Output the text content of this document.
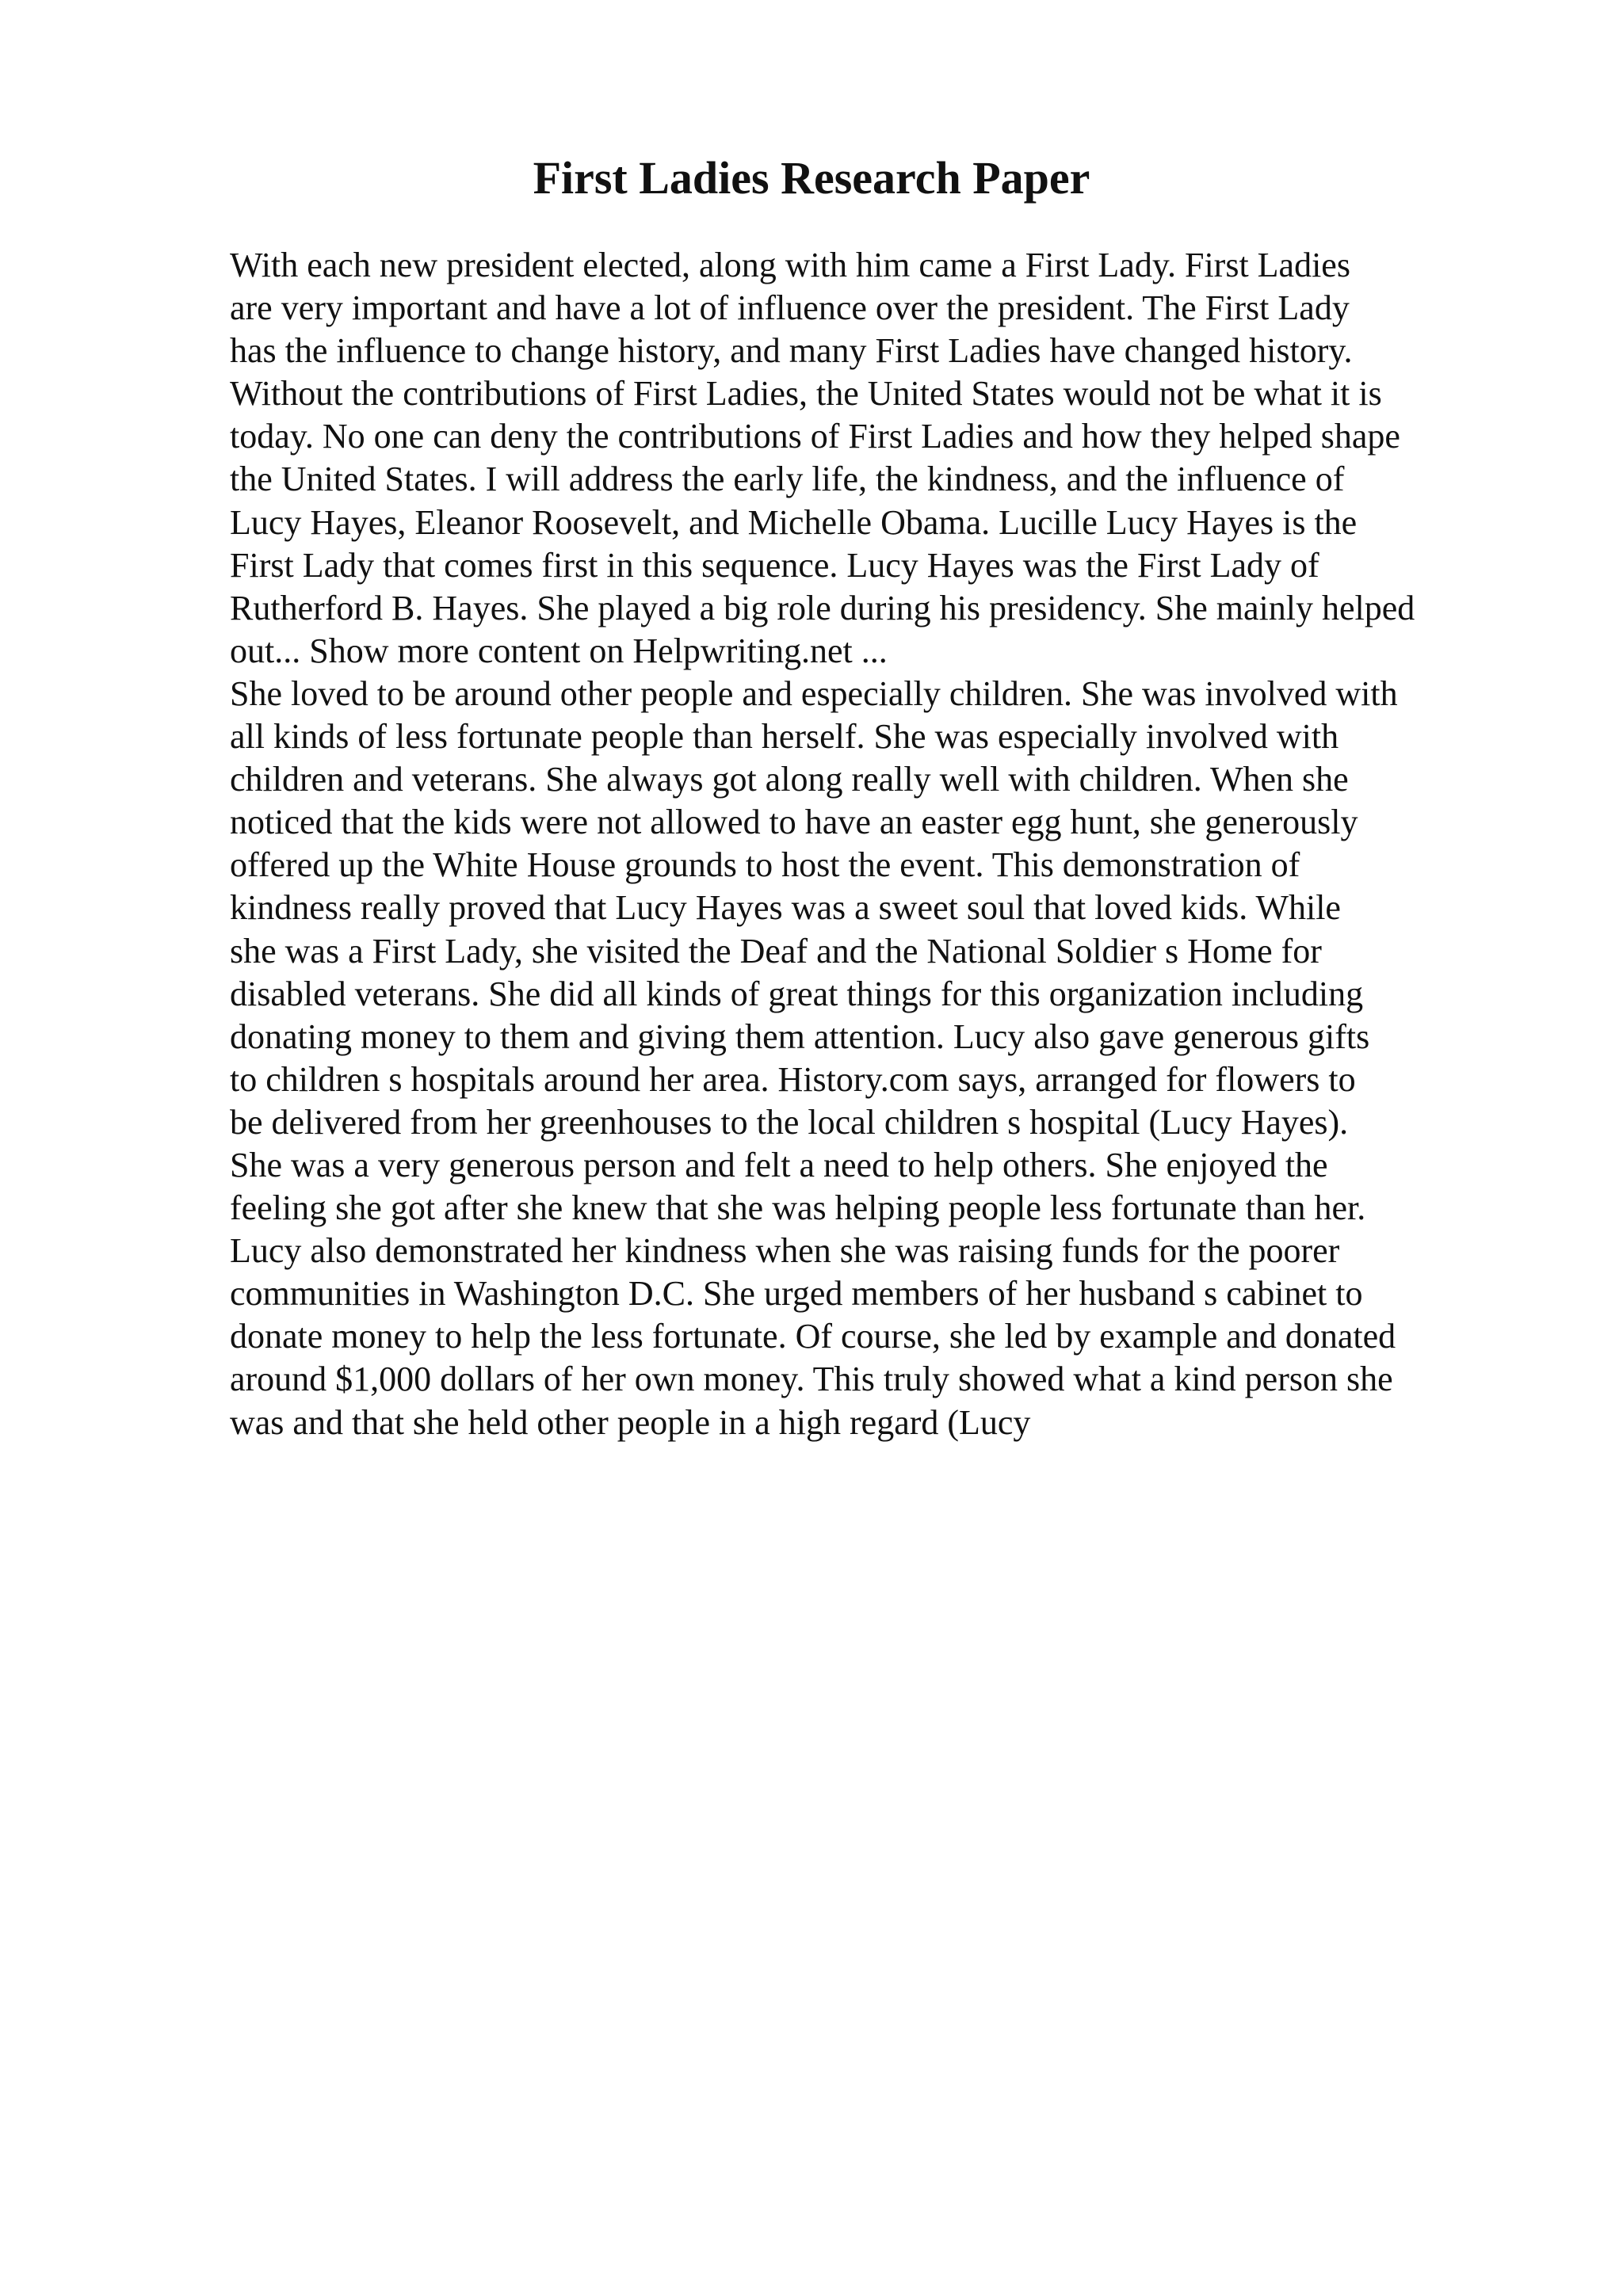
First Ladies Research Paper
With each new president elected, along with him came a First Lady. First Ladies
are very important and have a lot of influence over the president. The First Lady
has the influence to change history, and many First Ladies have changed history.
Without the contributions of First Ladies, the United States would not be what it is
today. No one can deny the contributions of First Ladies and how they helped shape
the United States. I will address the early life, the kindness, and the influence of
Lucy Hayes, Eleanor Roosevelt, and Michelle Obama. Lucille Lucy Hayes is the
First Lady that comes first in this sequence. Lucy Hayes was the First Lady of
Rutherford B. Hayes. She played a big role during his presidency. She mainly helped
out... Show more content on Helpwriting.net ...
She loved to be around other people and especially children. She was involved with
all kinds of less fortunate people than herself. She was especially involved with
children and veterans. She always got along really well with children. When she
noticed that the kids were not allowed to have an easter egg hunt, she generously
offered up the White House grounds to host the event. This demonstration of
kindness really proved that Lucy Hayes was a sweet soul that loved kids. While
she was a First Lady, she visited the Deaf and the National Soldier s Home for
disabled veterans. She did all kinds of great things for this organization including
donating money to them and giving them attention. Lucy also gave generous gifts
to children s hospitals around her area. History.com says, arranged for flowers to
be delivered from her greenhouses to the local children s hospital (Lucy Hayes).
She was a very generous person and felt a need to help others. She enjoyed the
feeling she got after she knew that she was helping people less fortunate than her.
Lucy also demonstrated her kindness when she was raising funds for the poorer
communities in Washington D.C. She urged members of her husband s cabinet to
donate money to help the less fortunate. Of course, she led by example and donated
around $1,000 dollars of her own money. This truly showed what a kind person she
was and that she held other people in a high regard (Lucy
